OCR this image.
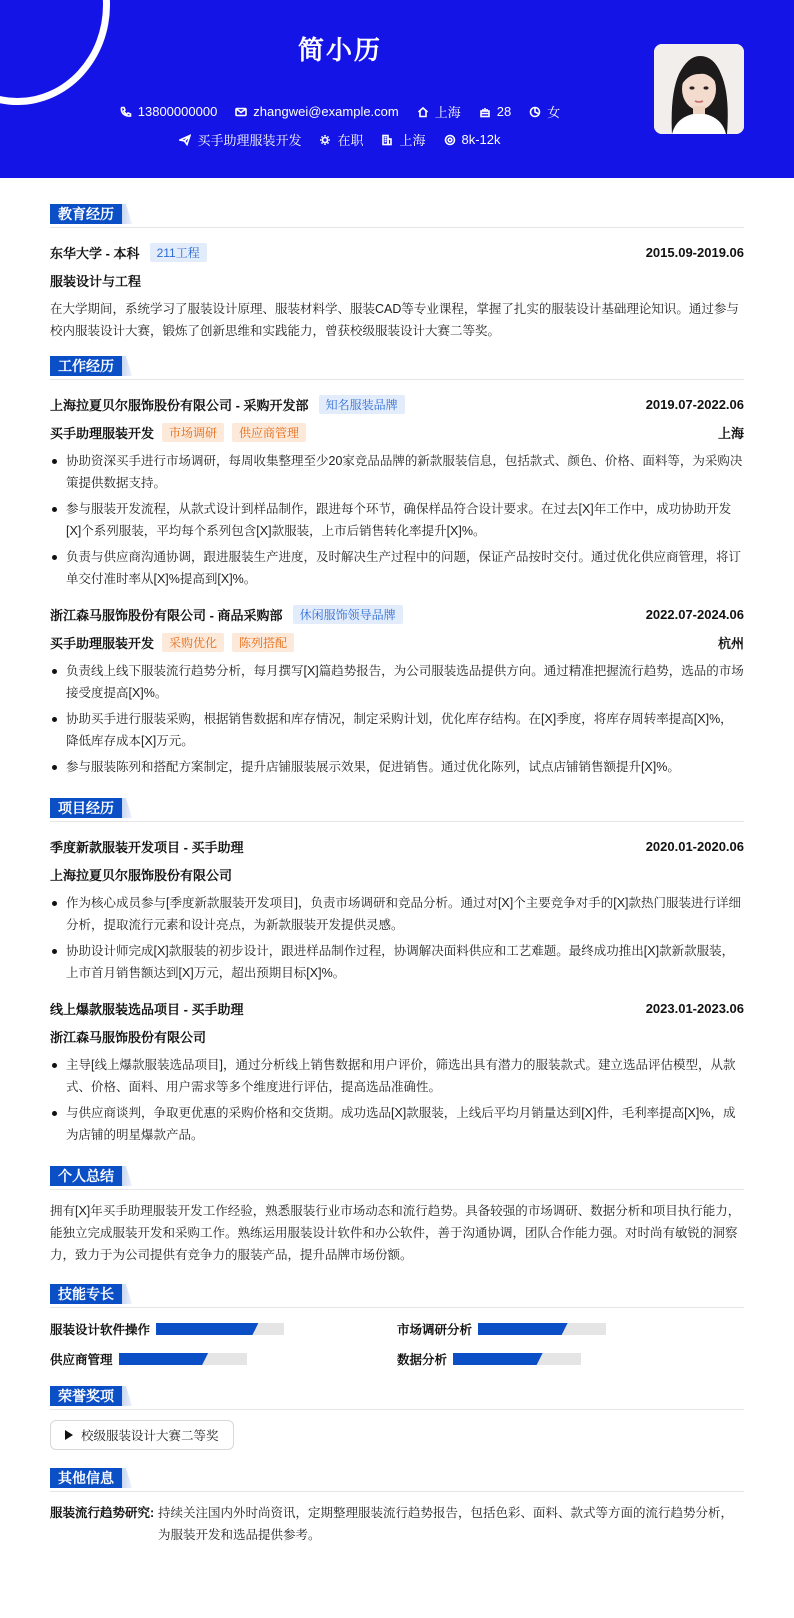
简小历
13800000000	zhangwei@example.com	上海	28	女
买手助理服装开发	在职	上海	8k-12k
教育经历
东华大学 - 本科	211工程	2015.09-2019.06
服装设计与工程
在大学期间，系统学习了服装设计原理、服装材料学、服装CAD等专业课程，掌握了扎实的服装设计基础理论知识。通过参与校内服装设计大赛，锻炼了创新思维和实践能力，曾获校级服装设计大赛二等奖。
工作经历
上海拉夏贝尔服饰股份有限公司 - 采购开发部	知名服装品牌	2019.07-2022.06
买手助理服装开发	市场调研	供应商管理	上海
协助资深买手进行市场调研，每周收集整理至少20家竞品品牌的新款服装信息，包括款式、颜色、价格、面料等，为采购决策提供数据支持。
参与服装开发流程，从款式设计到样品制作，跟进每个环节，确保样品符合设计要求。在过去[X]年工作中，成功协助开发[X]个系列服装，平均每个系列包含[X]款服装，上市后销售转化率提升[X]%。
负责与供应商沟通协调，跟进服装生产进度，及时解决生产过程中的问题，保证产品按时交付。通过优化供应商管理，将订单交付准时率从[X]%提高到[X]%。
浙江森马服饰股份有限公司 - 商品采购部	休闲服饰领导品牌	2022.07-2024.06
买手助理服装开发	采购优化	陈列搭配	杭州
负责线上线下服装流行趋势分析，每月撰写[X]篇趋势报告，为公司服装选品提供方向。通过精准把握流行趋势，选品的市场接受度提高[X]%。
协助买手进行服装采购，根据销售数据和库存情况，制定采购计划，优化库存结构。在[X]季度，将库存周转率提高[X]%，降低库存成本[X]万元。
参与服装陈列和搭配方案制定，提升店铺服装展示效果，促进销售。通过优化陈列，试点店铺销售额提升[X]%。
项目经历
季度新款服装开发项目 - 买手助理	2020.01-2020.06
上海拉夏贝尔服饰股份有限公司
作为核心成员参与[季度新款服装开发项目]，负责市场调研和竞品分析。通过对[X]个主要竞争对手的[X]款热门服装进行详细分析，提取流行元素和设计亮点，为新款服装开发提供灵感。
协助设计师完成[X]款服装的初步设计，跟进样品制作过程，协调解决面料供应和工艺难题。最终成功推出[X]款新款服装，上市首月销售额达到[X]万元，超出预期目标[X]%。
线上爆款服装选品项目 - 买手助理	2023.01-2023.06
浙江森马服饰股份有限公司
主导[线上爆款服装选品项目]，通过分析线上销售数据和用户评价，筛选出具有潜力的服装款式。建立选品评估模型，从款式、价格、面料、用户需求等多个维度进行评估，提高选品准确性。
与供应商谈判，争取更优惠的采购价格和交货期。成功选品[X]款服装，上线后平均月销量达到[X]件，毛利率提高[X]%，成为店铺的明星爆款产品。
个人总结
拥有[X]年买手助理服装开发工作经验，熟悉服装行业市场动态和流行趋势。具备较强的市场调研、数据分析和项目执行能力，能独立完成服装开发和采购工作。熟练运用服装设计软件和办公软件，善于沟通协调，团队合作能力强。对时尚有敏锐的洞察力，致力于为公司提供有竞争力的服装产品，提升品牌市场份额。
技能专长
服装设计软件操作	市场调研分析
供应商管理	数据分析
荣誉奖项
校级服装设计大赛二等奖
其他信息
服装流行趋势研究: 持续关注国内外时尚资讯，定期整理服装流行趋势报告，包括色彩、面料、款式等方面的流行趋势分析，为服装开发和选品提供参考。
